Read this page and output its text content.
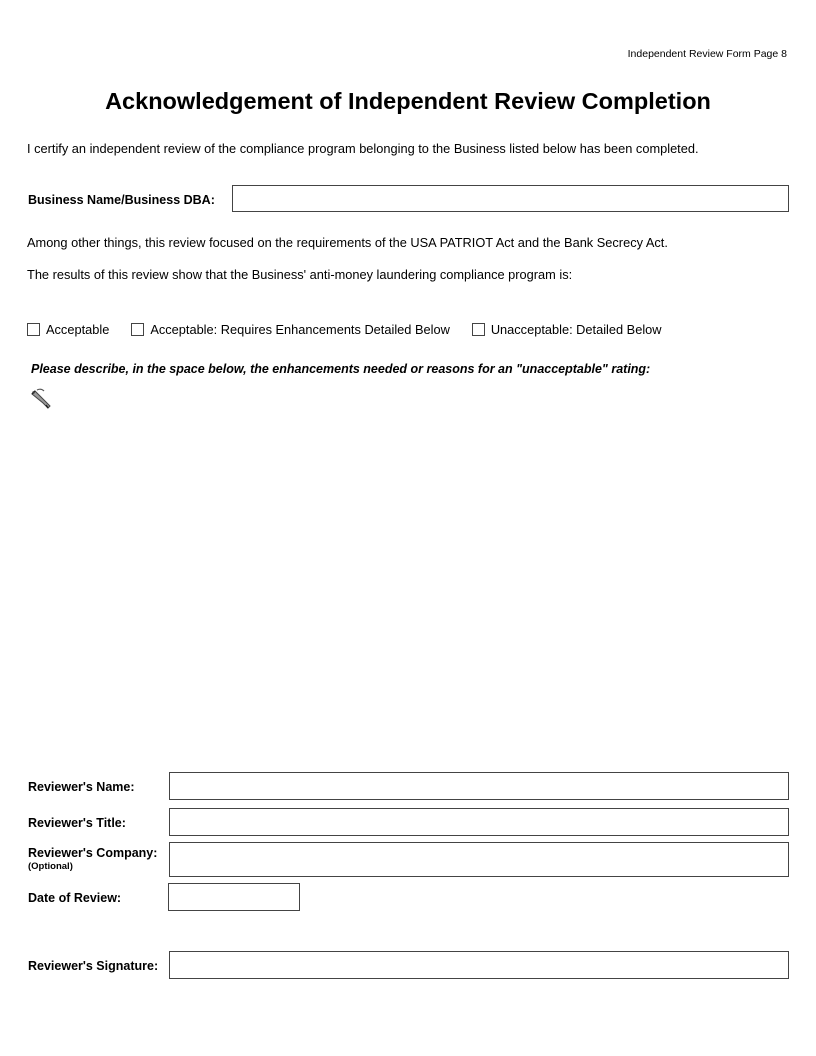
Independent Review Form Page 8
Acknowledgement of Independent Review Completion
I certify an independent review of the compliance program belonging to the Business listed below has been completed.
Business Name/Business DBA:
Among other things, this review focused on the requirements of the USA PATRIOT Act and the Bank Secrecy Act.
The results of this review show that the Business' anti-money laundering compliance program is:
Acceptable	Acceptable: Requires Enhancements Detailed Below	Unacceptable: Detailed Below
Please describe, in the space below, the enhancements needed or reasons for an "unacceptable" rating:
Reviewer's Name:
Reviewer's Title:
Reviewer's Company:
(Optional)
Date of Review:
Reviewer's Signature:
